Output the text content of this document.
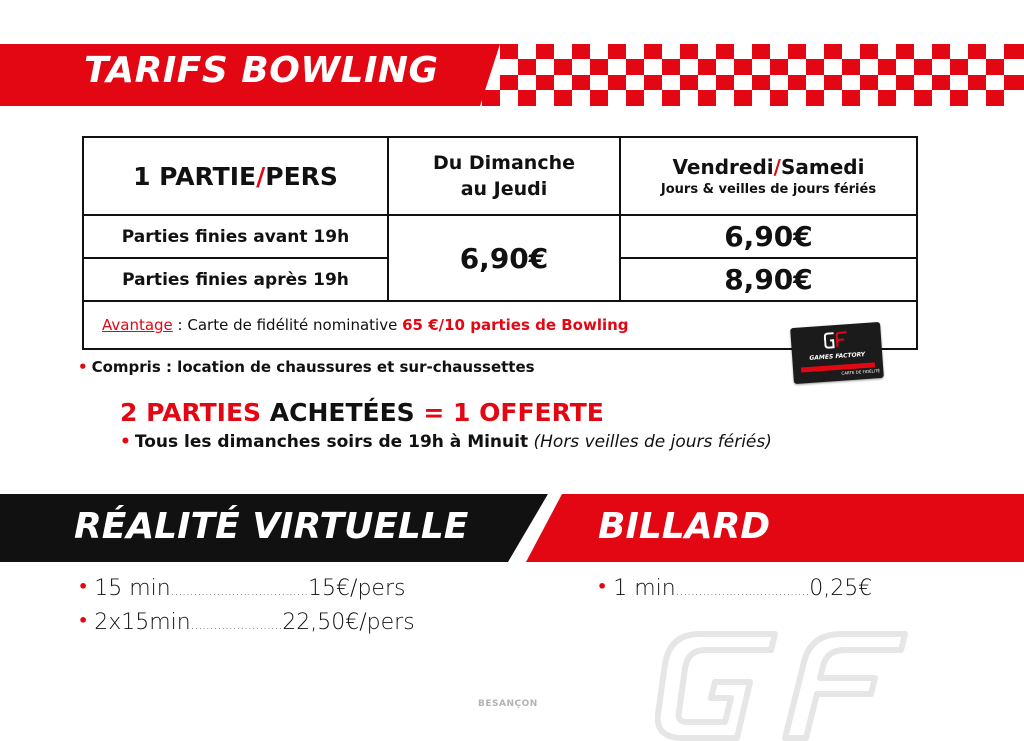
TARIFS BOWLING
1 PARTIE/PERS	Du Dimanche
au Jeudi
Vendredi/Samedi
Jours & veilles de jours fériés
Parties finies avant 19h
Parties finies après 19h
6,90€
6,90€
8,90€
Avantage : Carte de fidélité nominative 65 €/10 parties de Bowling
GAMES FACTORY
CARTE DE FIDÉLITÉ
• Compris : location de chaussures et sur-chaussettes
2 PARTIES ACHETÉES = 1 OFFERTE
• Tous les dimanches soirs de 19h à Minuit (Hors veilles de jours fériés)
RÉALITÉ VIRTUELLE	BILLARD
• 15 min....................................15€/pers
• 2x15min........................22,50€/pers
• 1 min...................................0,25€
BESANÇON
